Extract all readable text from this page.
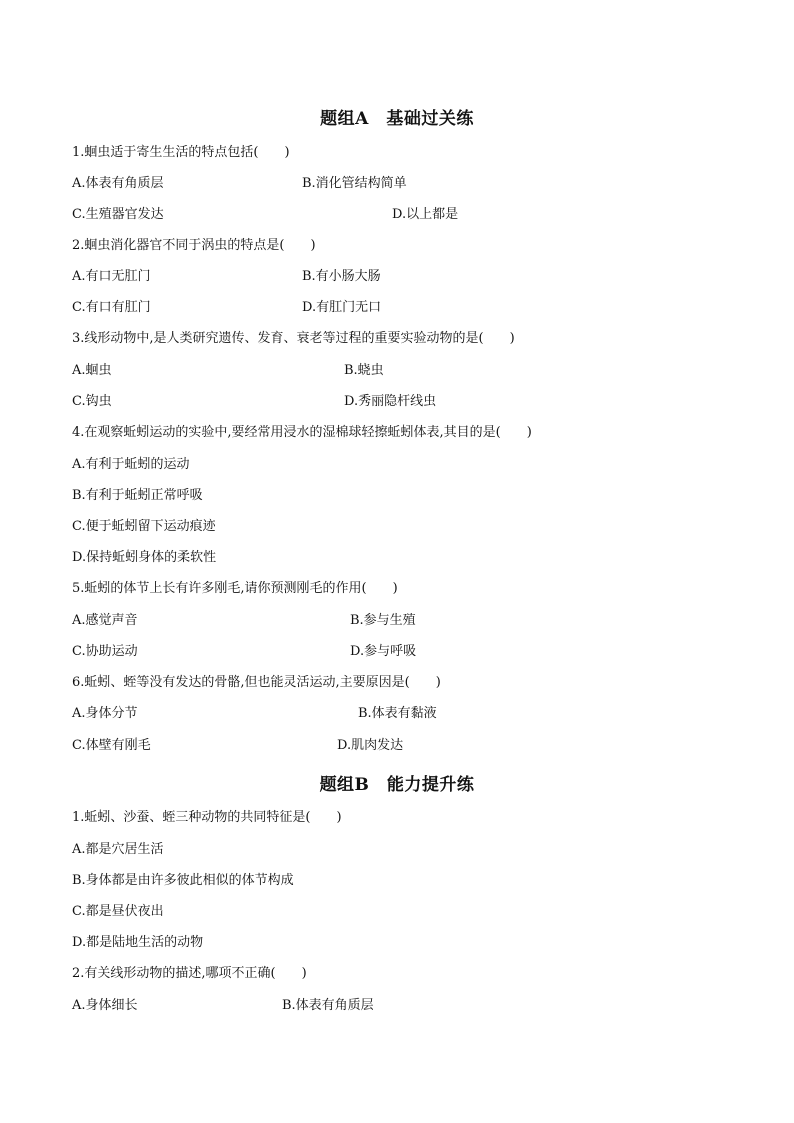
题组A　基础过关练
1.蛔虫适于寄生生活的特点包括(　　)
A.体表有角质层	B.消化管结构简单
C.生殖器官发达	D.以上都是
2.蛔虫消化器官不同于涡虫的特点是(　　)
A.有口无肛门	B.有小肠大肠
C.有口有肛门	D.有肛门无口
3.线形动物中,是人类研究遗传、发育、衰老等过程的重要实验动物的是(　　)
A.蛔虫	B.蛲虫
C.钩虫	D.秀丽隐杆线虫
4.在观察蚯蚓运动的实验中,要经常用浸水的湿棉球轻擦蚯蚓体表,其目的是(　　)
A.有利于蚯蚓的运动
B.有利于蚯蚓正常呼吸
C.便于蚯蚓留下运动痕迹
D.保持蚯蚓身体的柔软性
5.蚯蚓的体节上长有许多刚毛,请你预测刚毛的作用(　　)
A.感觉声音	B.参与生殖
C.协助运动	D.参与呼吸
6.蚯蚓、蛭等没有发达的骨骼,但也能灵活运动,主要原因是(　　)
A.身体分节	B.体表有黏液
C.体壁有刚毛	D.肌肉发达
题组B　能力提升练
1.蚯蚓、沙蚕、蛭三种动物的共同特征是(　　)
A.都是穴居生活
B.身体都是由许多彼此相似的体节构成
C.都是昼伏夜出
D.都是陆地生活的动物
2.有关线形动物的描述,哪项不正确(　　)
A.身体细长	B.体表有角质层
